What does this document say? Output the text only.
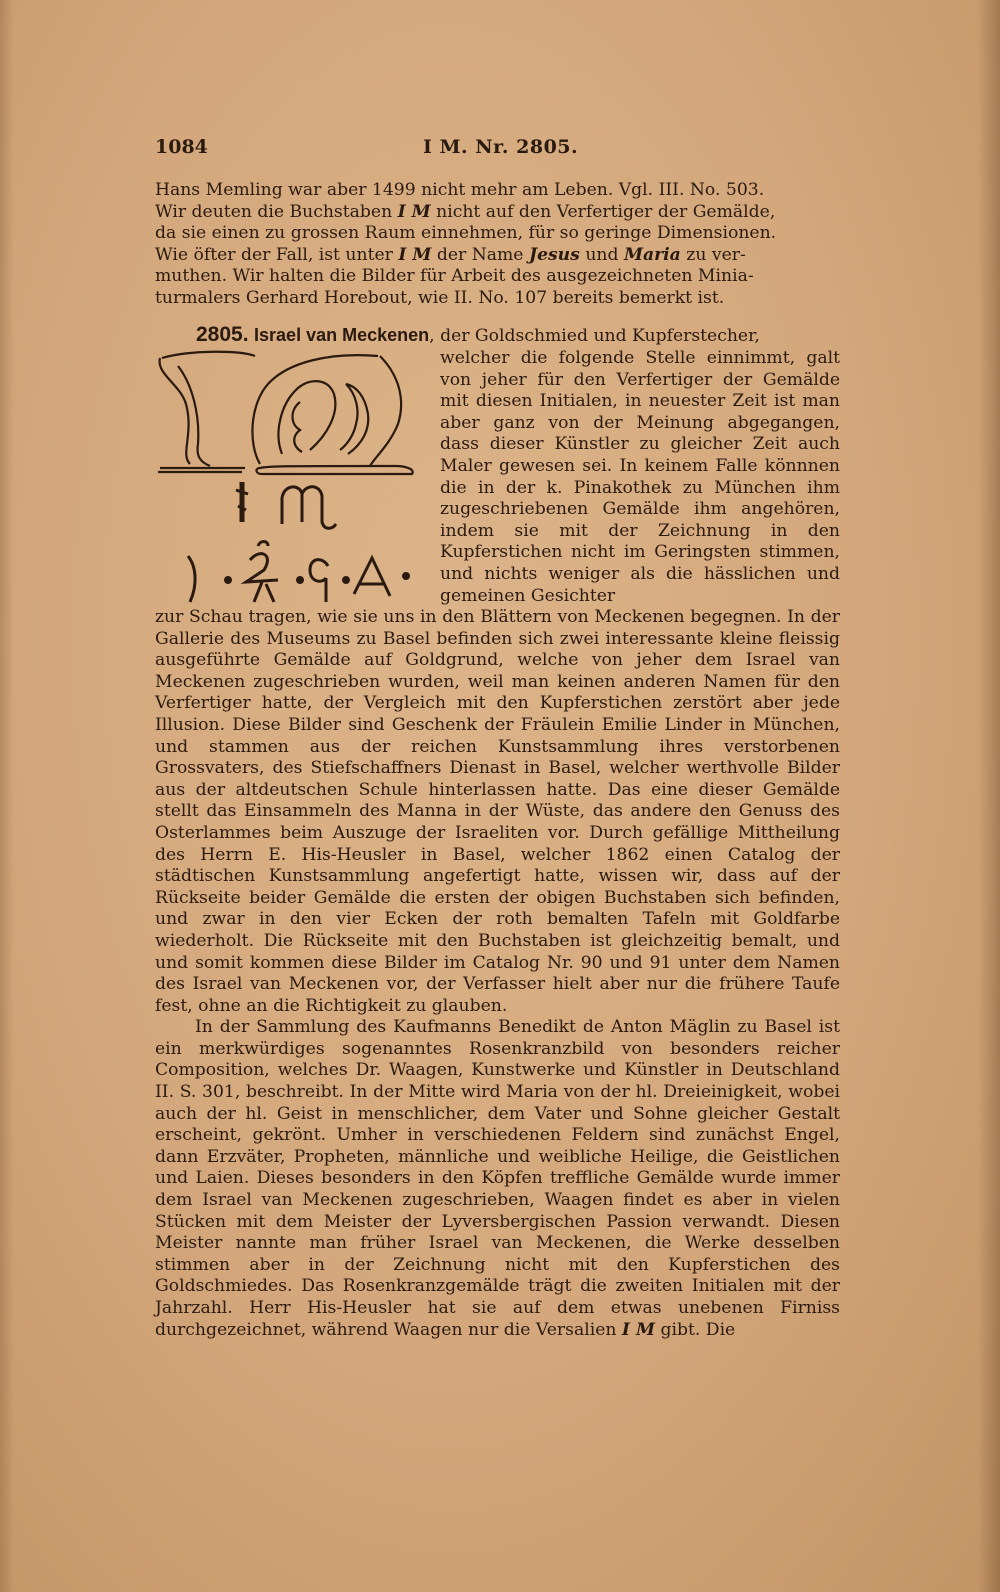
1084	I M. Nr. 2805.

Hans Memling war aber 1499 nicht mehr am Leben. Vgl. III. No. 503.

Wir deuten die Buchstaben I M nicht auf den Verfertiger der Gemälde,

da sie einen zu grossen Raum einnehmen, für so geringe Dimensionen.

Wie öfter der Fall, ist unter I M der Name Jesus und Maria zu ver-

muthen. Wir halten die Bilder für Arbeit des ausgezeichneten Minia-

turmalers Gerhard Horebout, wie II. No. 107 bereits bemerkt ist.

2805. Israel van Meckenen, der Goldschmied und Kupferstecher,
welcher die folgende Stelle einnimmt, galt von jeher für den Verfertiger der Gemälde mit diesen Initialen, in neuester Zeit ist man aber ganz von der Meinung abgegangen, dass dieser Künstler zu gleicher Zeit auch Maler gewesen sei. In keinem Falle könnnen die in der k. Pinakothek zu München ihm zugeschriebenen Gemälde ihm angehören, indem sie mit der Zeichnung in den Kupferstichen nicht im Geringsten stimmen, und nichts weniger als die hässlichen und gemeinen Gesichter

zur Schau tragen, wie sie uns in den Blättern von Meckenen begegnen. In der Gallerie des Museums zu Basel befinden sich zwei interessante kleine fleissig ausgeführte Gemälde auf Goldgrund, welche von jeher dem Israel van Meckenen zugeschrieben wurden, weil man keinen anderen Namen für den Verfertiger hatte, der Vergleich mit den Kupferstichen zerstört aber jede Illusion. Diese Bilder sind Geschenk der Fräulein Emilie Linder in München, und stammen aus der reichen Kunstsammlung ihres verstorbenen Grossvaters, des Stiefschaffners Dienast in Basel, welcher werthvolle Bilder aus der altdeutschen Schule hinterlassen hatte. Das eine dieser Gemälde stellt das Einsammeln des Manna in der Wüste, das andere den Genuss des Osterlammes beim Auszuge der Israeliten vor. Durch gefällige Mittheilung des Herrn E. His-Heusler in Basel, welcher 1862 einen Catalog der städtischen Kunstsammlung angefertigt hatte, wissen wir, dass auf der Rückseite beider Gemälde die ersten der obigen Buchstaben sich befinden, und zwar in den vier Ecken der roth bemalten Tafeln mit Goldfarbe wiederholt. Die Rückseite mit den Buchstaben ist gleichzeitig bemalt, und und somit kommen diese Bilder im Catalog Nr. 90 und 91 unter dem Namen des Israel van Meckenen vor, der Verfasser hielt aber nur die frühere Taufe fest, ohne an die Richtigkeit zu glauben.

In der Sammlung des Kaufmanns Benedikt de Anton Mäglin zu Basel ist ein merkwürdiges sogenanntes Rosenkranzbild von besonders reicher Composition, welches Dr. Waagen, Kunstwerke und Künstler in Deutschland II. S. 301, beschreibt. In der Mitte wird Maria von der hl. Dreieinigkeit, wobei auch der hl. Geist in menschlicher, dem Vater und Sohne gleicher Gestalt erscheint, gekrönt. Umher in verschiedenen Feldern sind zunächst Engel, dann Erzväter, Propheten, männliche und weibliche Heilige, die Geistlichen und Laien. Dieses besonders in den Köpfen treffliche Gemälde wurde immer dem Israel van Meckenen zugeschrieben, Waagen findet es aber in vielen Stücken mit dem Meister der Lyversbergischen Passion verwandt. Diesen Meister nannte man früher Israel van Meckenen, die Werke desselben stimmen aber in der Zeichnung nicht mit den Kupferstichen des Goldschmiedes. Das Rosenkranzgemälde trägt die zweiten Initialen mit der Jahrzahl. Herr His-Heusler hat sie auf dem etwas unebenen Firniss durchgezeichnet, während Waagen nur die Versalien I M gibt. Die
